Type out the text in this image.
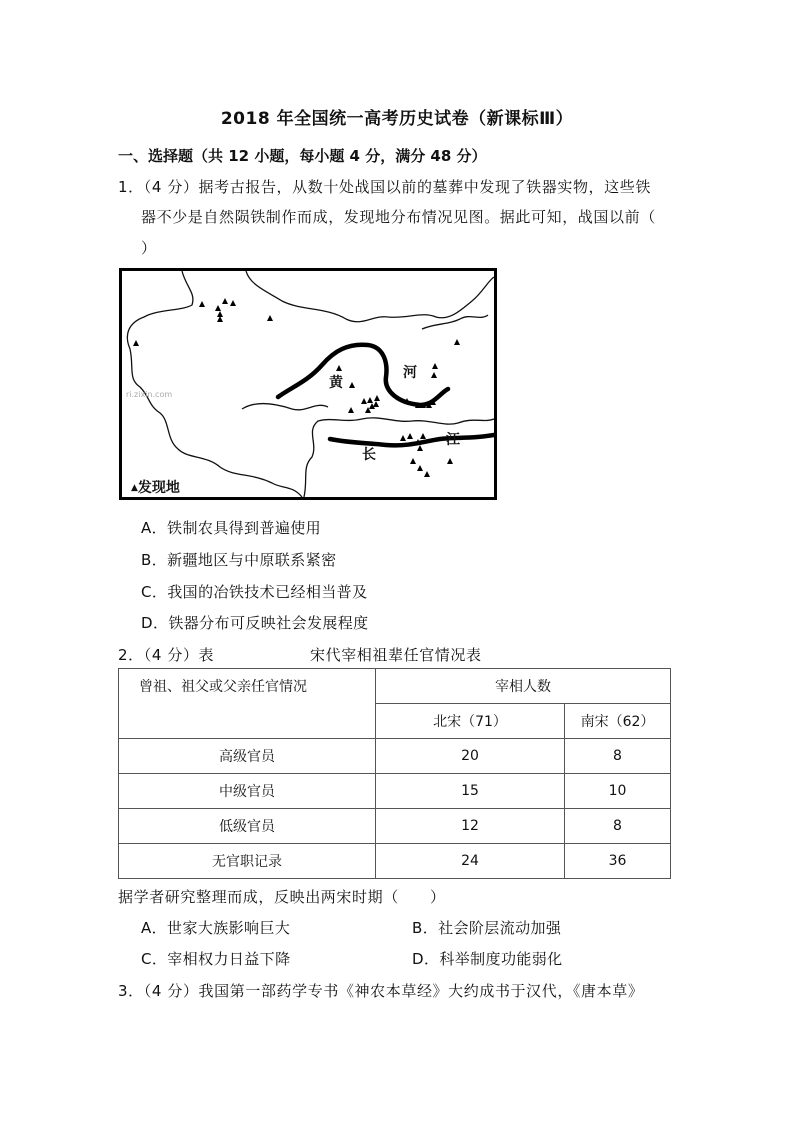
2018 年全国统一高考历史试卷（新课标Ⅲ）
一、选择题（共 12 小题，每小题 4 分，满分 48 分）
1．（4 分）据考古报告，从数十处战国以前的墓葬中发现了铁器实物，这些铁
器不少是自然陨铁制作而成，发现地分布情况见图。据此可知，战国以前（
）
黄
河
长
江
ri.zixin.com
▲发现地
A．铁制农具得到普遍使用
B．新疆地区与中原联系紧密
C．我国的冶铁技术已经相当普及
D．铁器分布可反映社会发展程度
2．（4 分）表	宋代宰相祖辈任官情况表
曾祖、祖父或父亲任官情况	宰相人数	
	北宋（71）	南宋（62）
高级官员	20	8
中级官员	15	10
低级官员	12	8
无官职记录	24	36
据学者研究整理而成，反映出两宋时期（　　）
A．世家大族影响巨大	B．社会阶层流动加强
C．宰相权力日益下降	D．科举制度功能弱化
3．（4 分）我国第一部药学专书《神农本草经》大约成书于汉代，《唐本草》
